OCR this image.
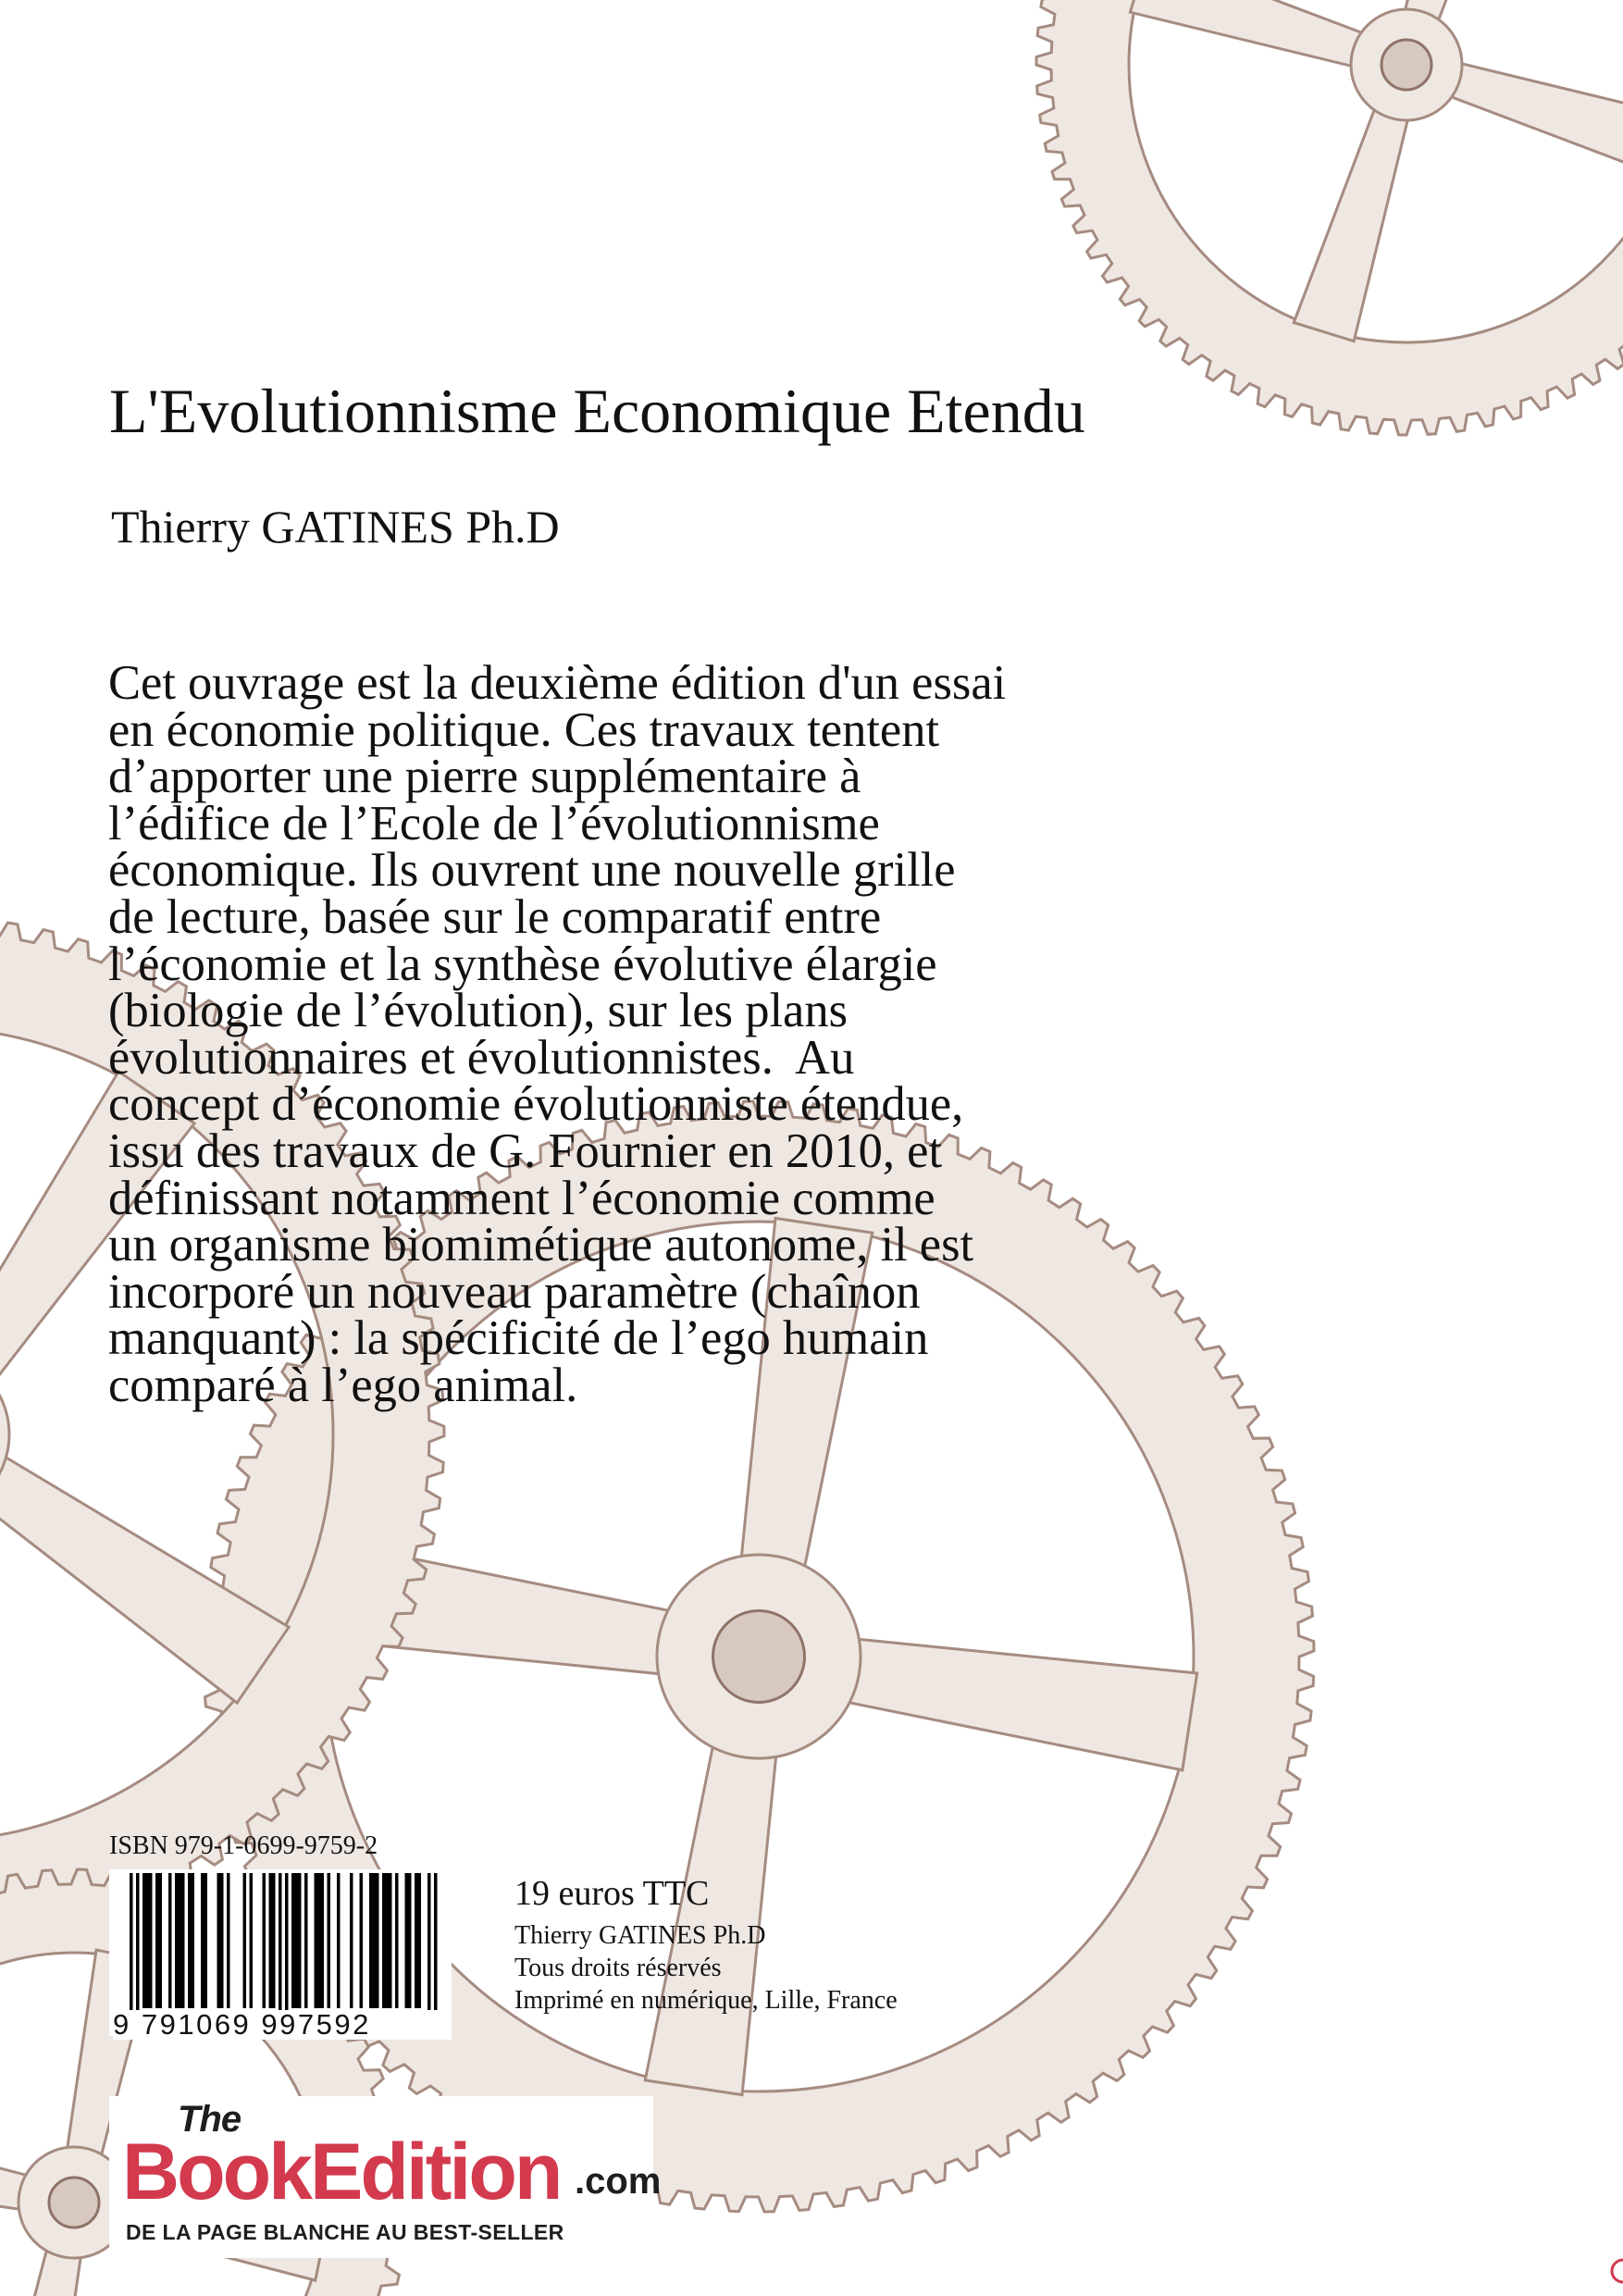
L'Evolutionnisme Economique Etendu
Thierry GATINES Ph.D
Cet ouvrage est la deuxième édition d'un essai
en économie politique. Ces travaux tentent
d’apporter une pierre supplémentaire à
l’édifice de l’Ecole de l’évolutionnisme
économique. Ils ouvrent une nouvelle grille
de lecture, basée sur le comparatif entre
l’économie et la synthèse évolutive élargie
(biologie de l’évolution), sur les plans
évolutionnaires et évolutionnistes.  Au
concept d’économie évolutionniste étendue,
issu des travaux de G. Fournier en 2010, et
définissant notamment l’économie comme
un organisme biomimétique autonome, il est
incorporé un nouveau paramètre (chaînon
manquant) : la spécificité de l’ego humain
comparé à l’ego animal.
ISBN 979-1-0699-9759-2
9 791069 997592
19 euros TTC
Thierry GATINES Ph.D
Tous droits réservés
Imprimé en numérique, Lille, France
The
BookEdition .com
DE LA PAGE BLANCHE AU BEST-SELLER
